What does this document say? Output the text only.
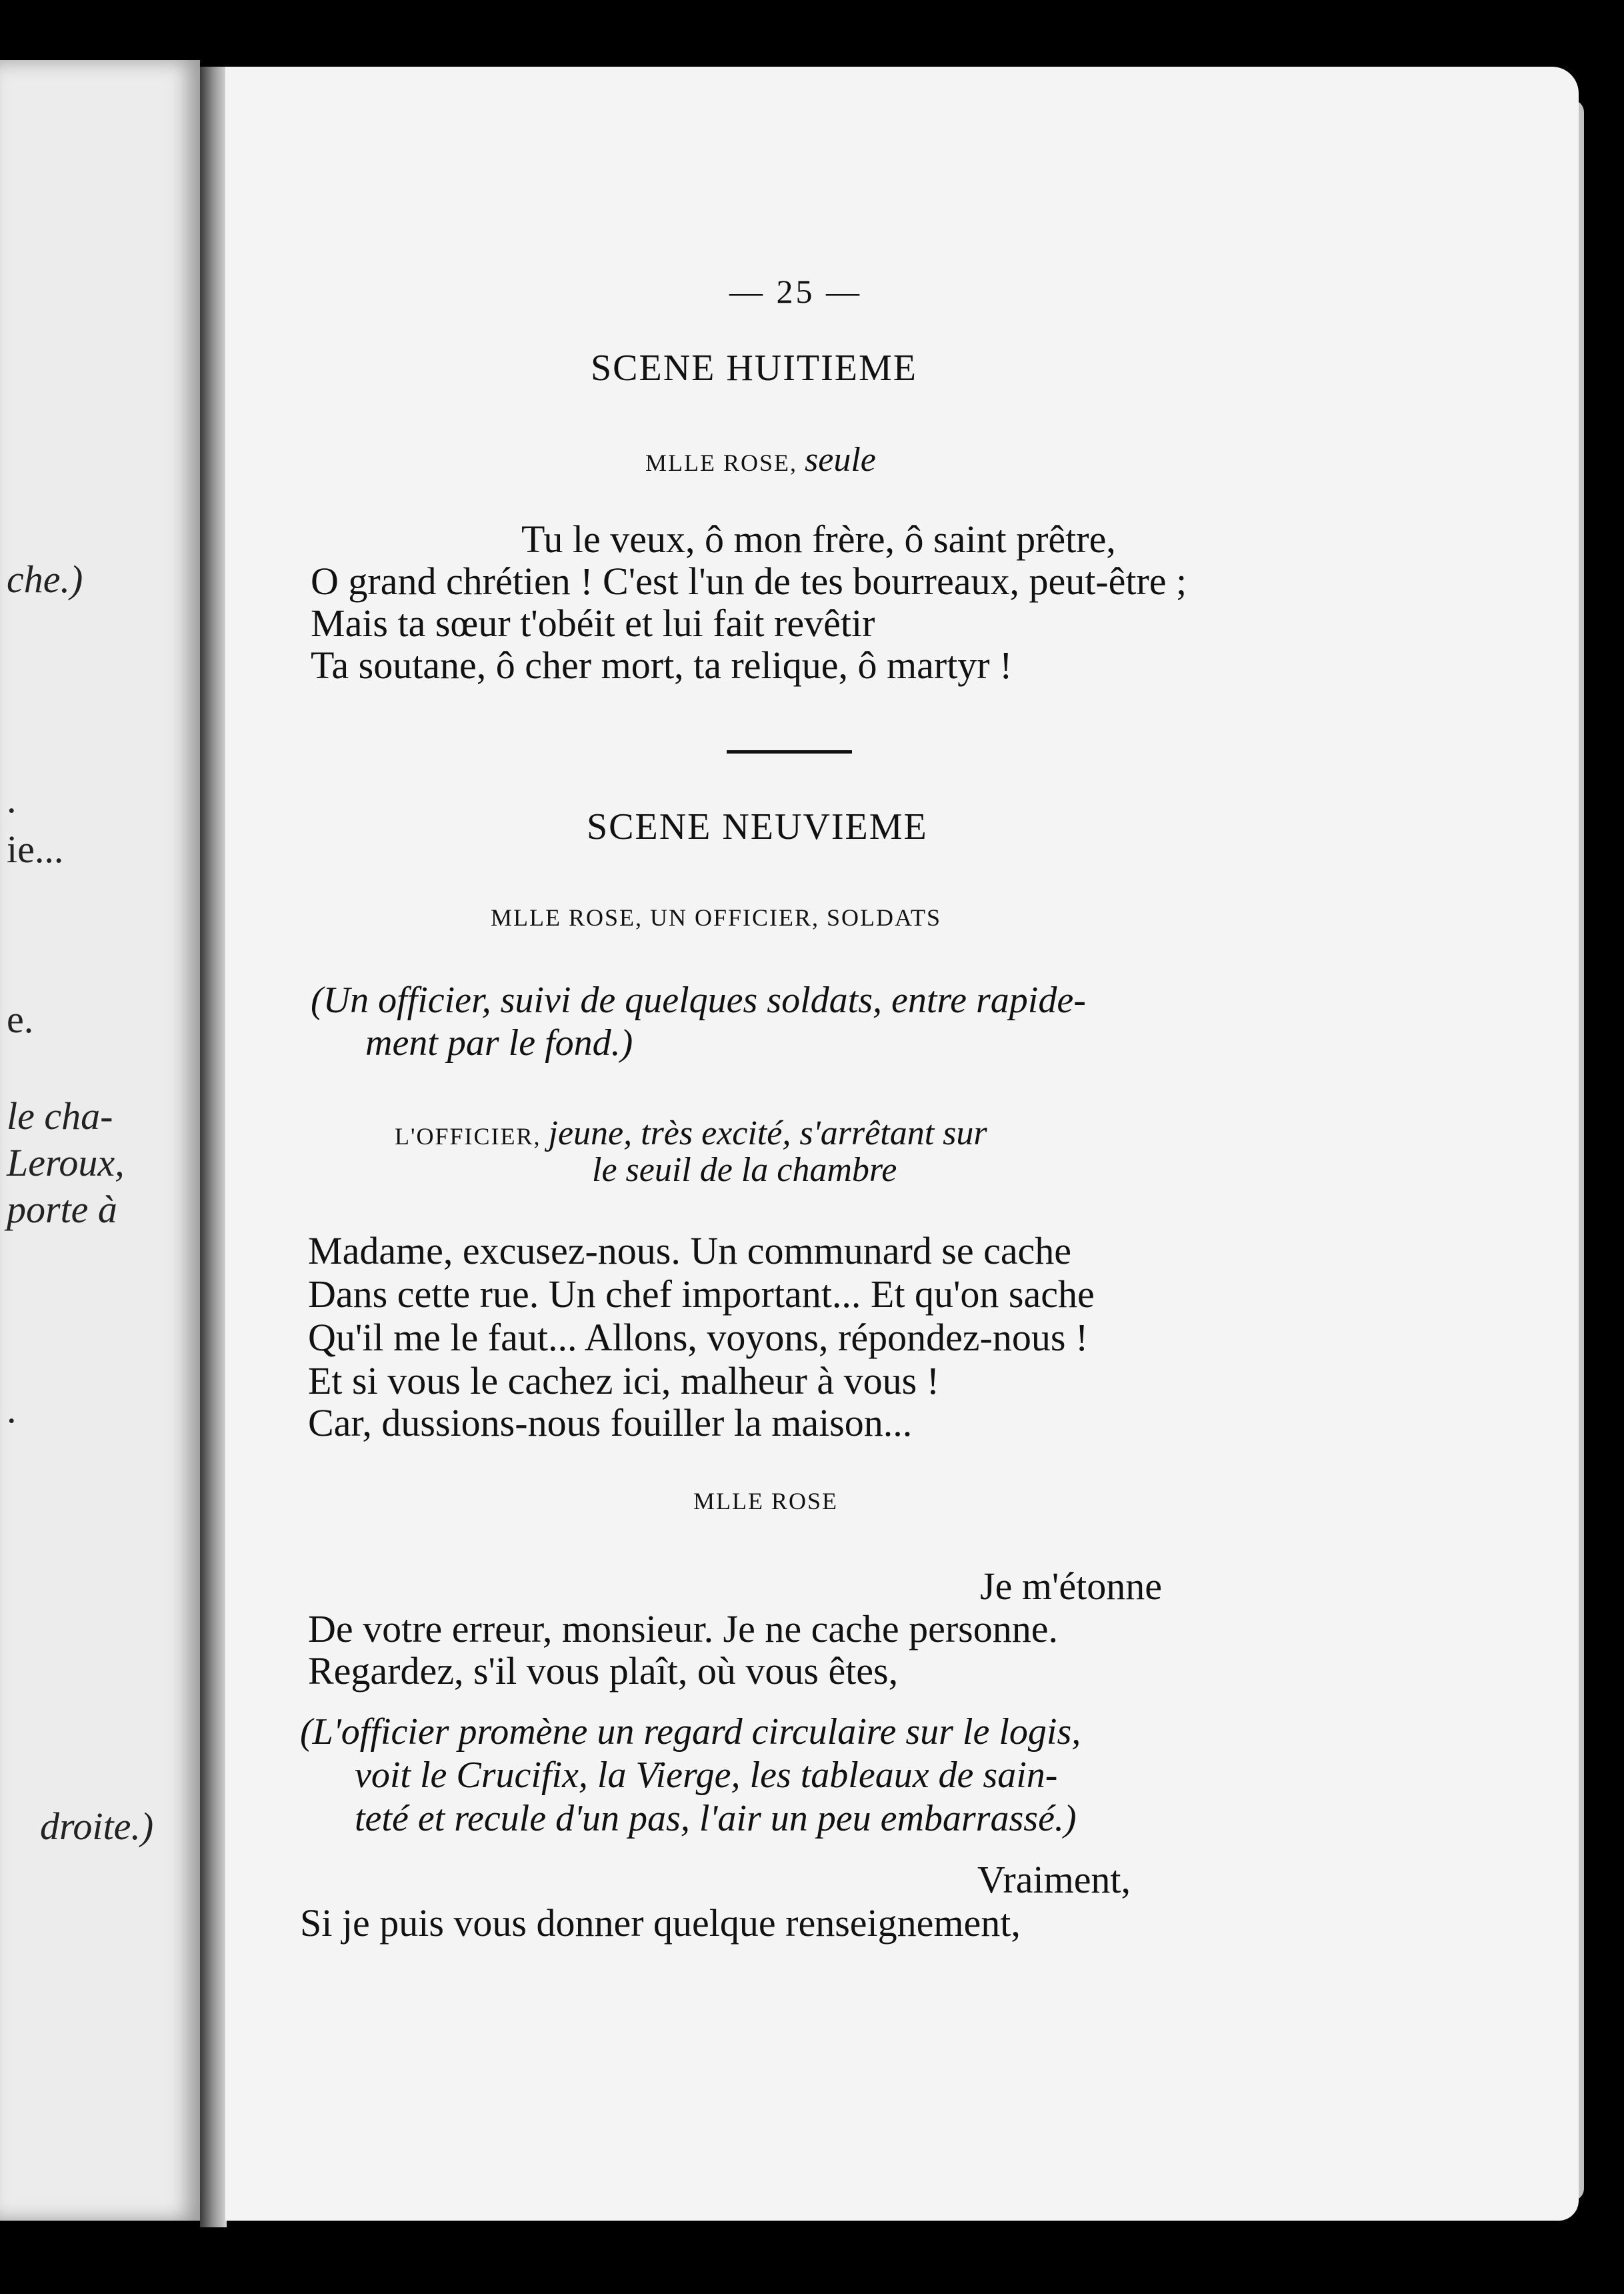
che.)
.
ie...
e.
le cha-
Leroux,
porte à
.
droite.)
— 25 —
SCENE HUITIEME
MLLE ROSE, seule
Tu le veux, ô mon frère, ô saint prêtre,
O grand chrétien ! C'est l'un de tes bourreaux, peut-être ;
Mais ta sœur t'obéit et lui fait revêtir
Ta soutane, ô cher mort, ta relique, ô martyr !
SCENE NEUVIEME
MLLE ROSE, UN OFFICIER, SOLDATS
(Un officier, suivi de quelques soldats, entre rapide-
ment par le fond.)
L'OFFICIER, jeune, très excité, s'arrêtant sur
le seuil de la chambre
Madame, excusez-nous. Un communard se cache
Dans cette rue. Un chef important... Et qu'on sache
Qu'il me le faut... Allons, voyons, répondez-nous !
Et si vous le cachez ici, malheur à vous !
Car, dussions-nous fouiller la maison...
MLLE ROSE
Je m'étonne
De votre erreur, monsieur. Je ne cache personne.
Regardez, s'il vous plaît, où vous êtes,
(L'officier promène un regard circulaire sur le logis,
voit le Crucifix, la Vierge, les tableaux de sain-
teté et recule d'un pas, l'air un peu embarrassé.)
Vraiment,
Si je puis vous donner quelque renseignement,
